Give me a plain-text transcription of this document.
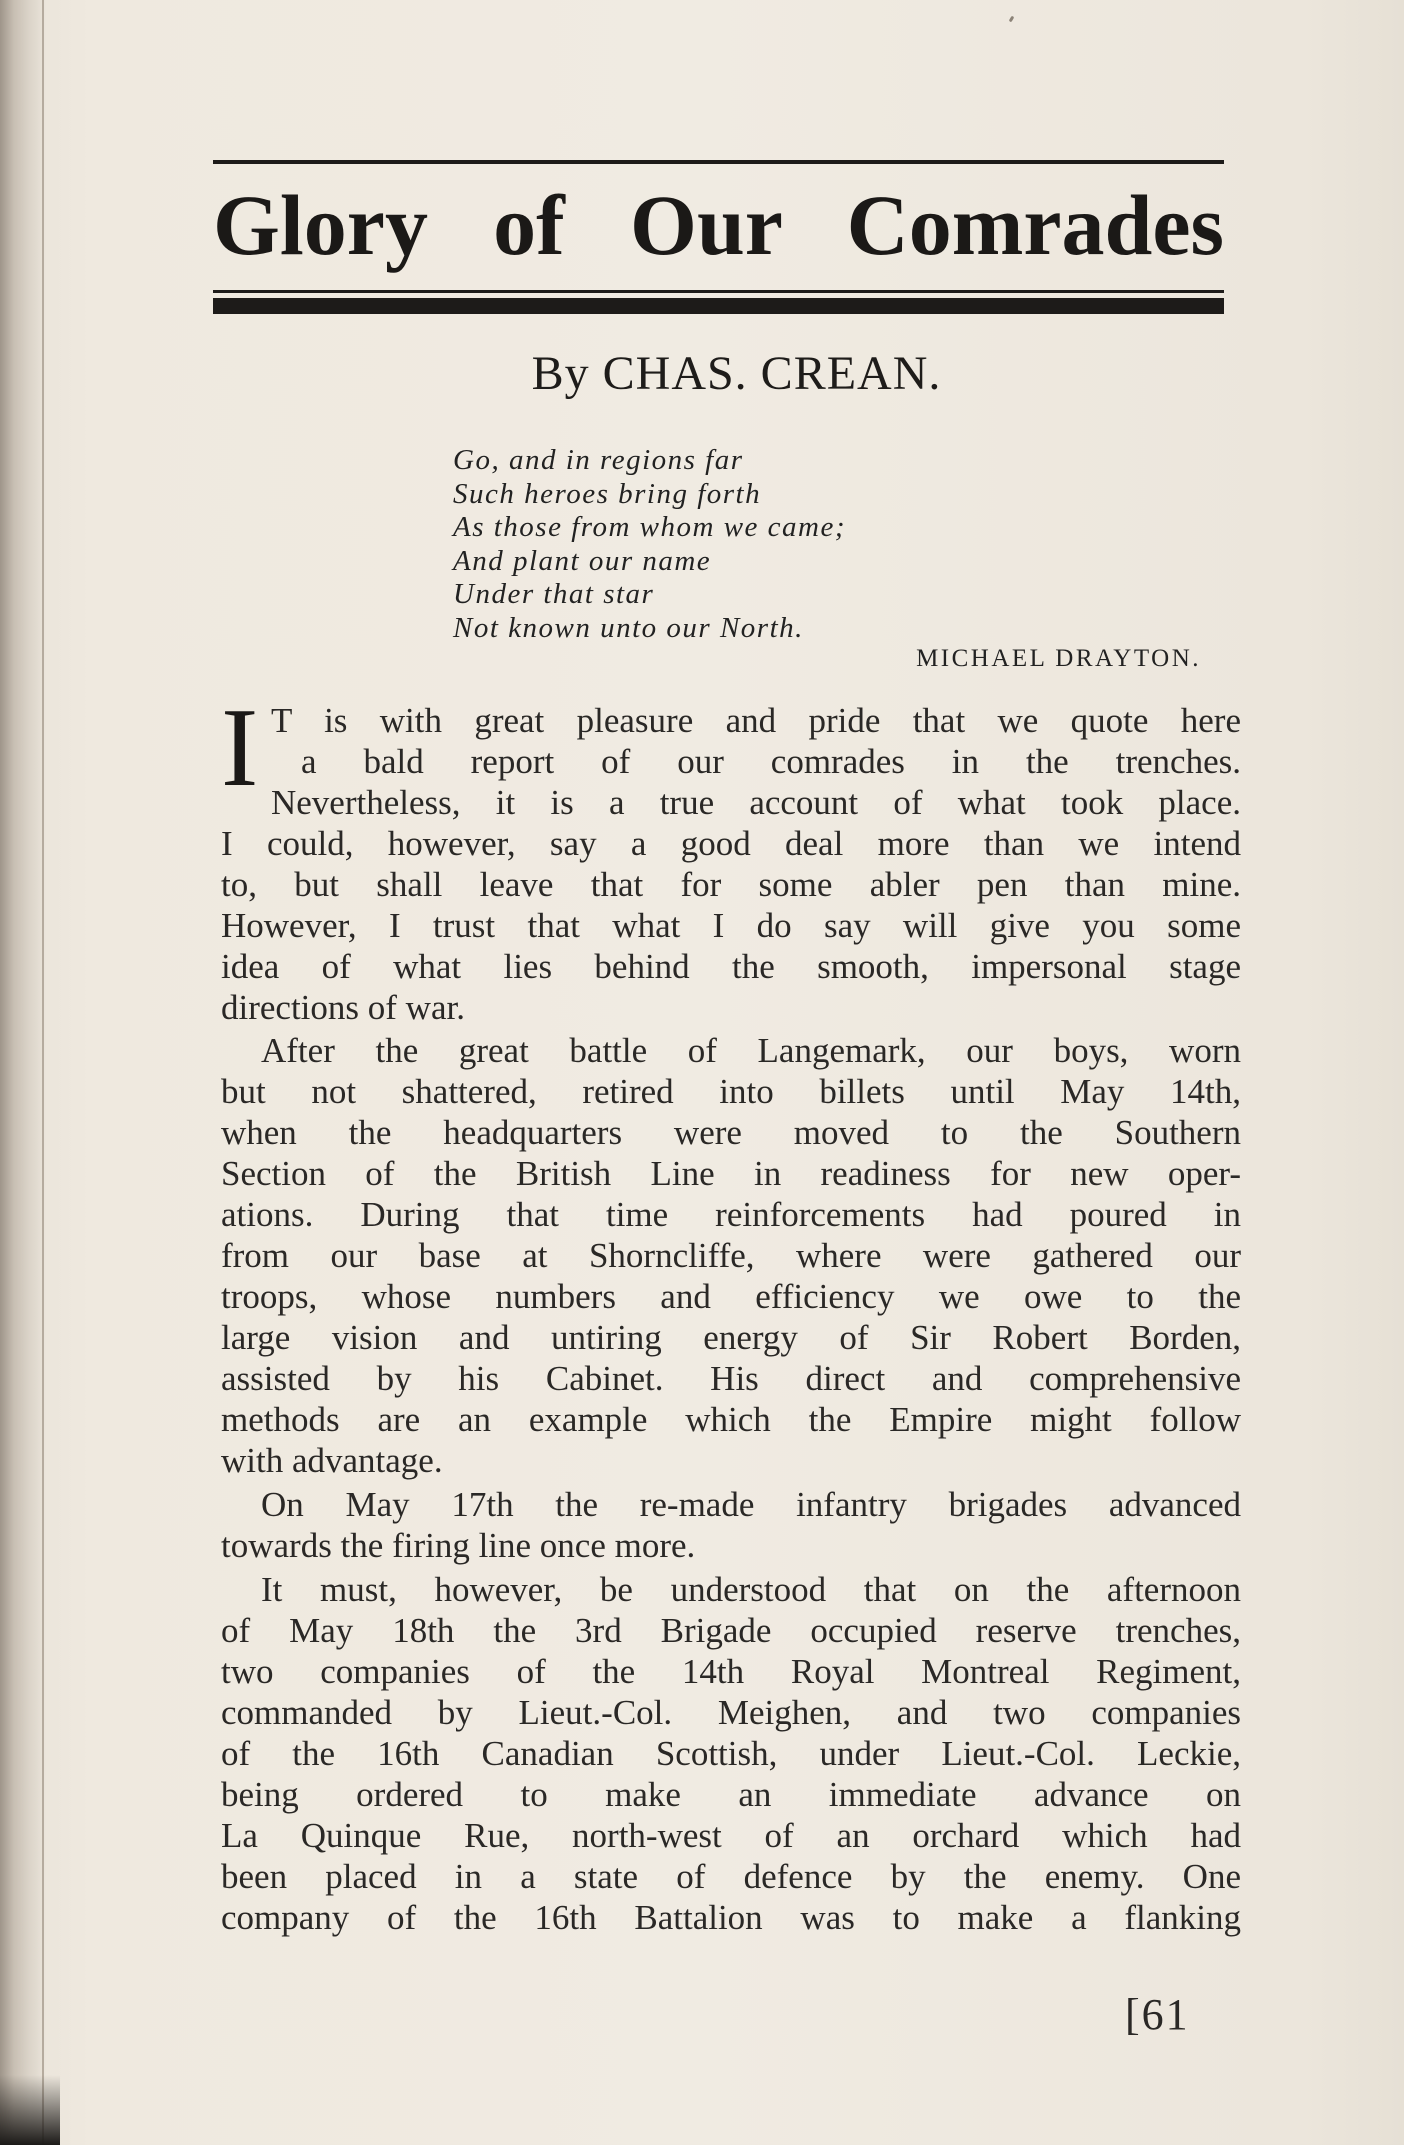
Glory of Our Comrades
By CHAS. CREAN.
Go, and in regions far
Such heroes bring forth
As those from whom we came;
And plant our name
Under that star
Not known unto our North.
MICHAEL DRAYTON.
I T is with great pleasure and pride that we quote here
a bald report of our comrades in the trenches.
Nevertheless, it is a true account of what took place.
I could, however, say a good deal more than we intend
to, but shall leave that for some abler pen than mine.
However, I trust that what I do say will give you some
idea of what lies behind the smooth, impersonal stage
directions of war.
After the great battle of Langemark, our boys, worn
but not shattered, retired into billets until May 14th,
when the headquarters were moved to the Southern
Section of the British Line in readiness for new oper-
ations. During that time reinforcements had poured in
from our base at Shorncliffe, where were gathered our
troops, whose numbers and efficiency we owe to the
large vision and untiring energy of Sir Robert Borden,
assisted by his Cabinet. His direct and comprehensive
methods are an example which the Empire might follow
with advantage.
On May 17th the re-made infantry brigades advanced
towards the firing line once more.
It must, however, be understood that on the afternoon
of May 18th the 3rd Brigade occupied reserve trenches,
two companies of the 14th Royal Montreal Regiment,
commanded by Lieut.-Col. Meighen, and two companies
of the 16th Canadian Scottish, under Lieut.-Col. Leckie,
being ordered to make an immediate advance on
La Quinque Rue, north-west of an orchard which had
been placed in a state of defence by the enemy. One
company of the 16th Battalion was to make a flanking
[61
